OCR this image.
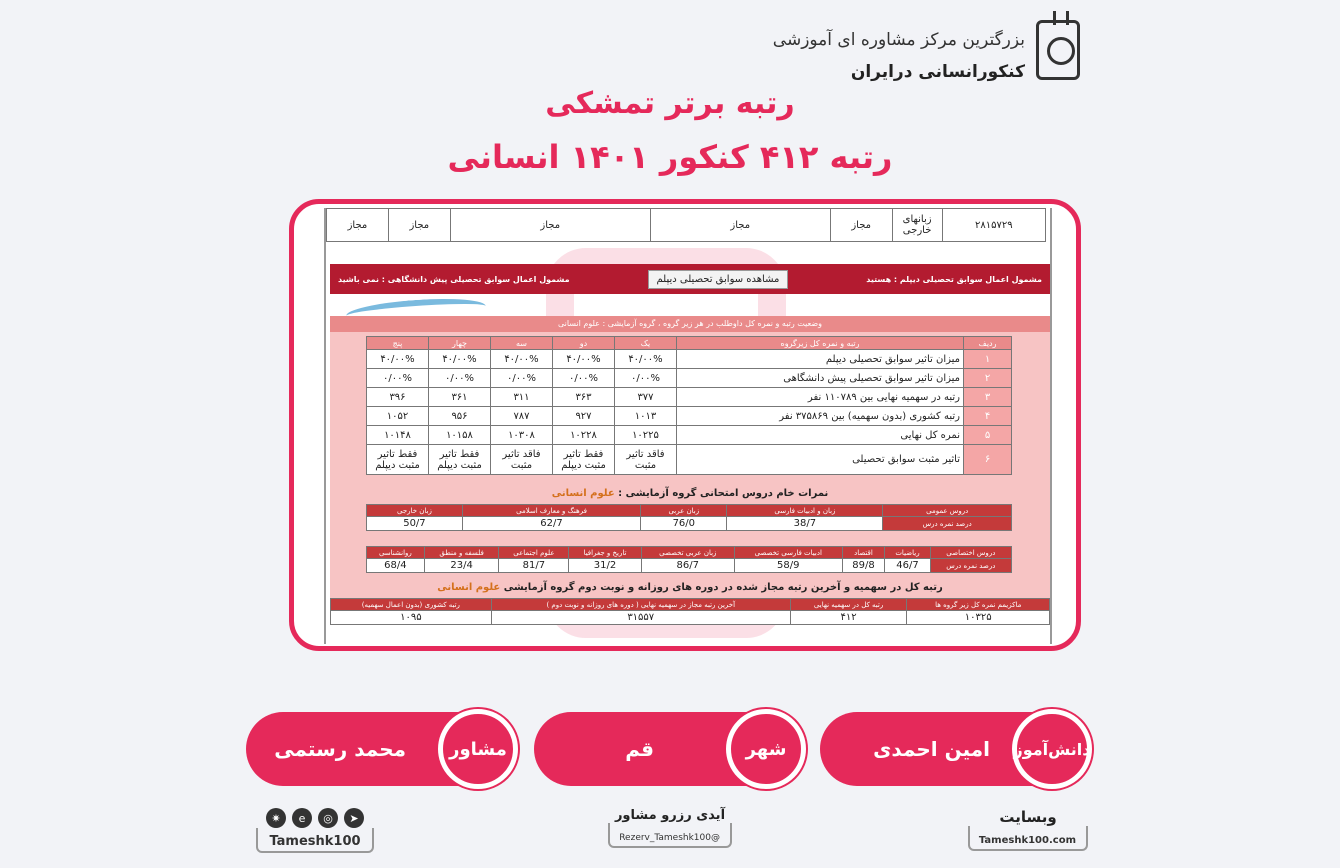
بزرگترین مرکز مشاوره ای آموزشی
کنکورانسانی درایران
رتبه برتر تمشکی
رتبه ۴۱۲ کنکور ۱۴۰۱ انسانی
۲۸۱۵۷۲۹	زبانهای خارجی	مجاز	مجاز	مجاز	مجاز	مجاز
مشمول اعمال سوابق تحصیلی دیپلم : هستید
مشاهده سوابق تحصیلی دیپلم
مشمول اعمال سوابق تحصیلی پیش دانشگاهی : نمی باشید
وضعیت رتبه و نمره کل داوطلب در هر زیر گروه ، گروه آزمایشی : علوم انسانی
ردیف	رتبه و نمره کل زیرگروه	یک	دو	سه	چهار	پنج
۱	میزان تاثیر سوابق تحصیلی دیپلم	۴۰/۰۰%	۴۰/۰۰%	۴۰/۰۰%	۴۰/۰۰%	۴۰/۰۰%
۲	میزان تاثیر سوابق تحصیلی پیش دانشگاهی	۰/۰۰%	۰/۰۰%	۰/۰۰%	۰/۰۰%	۰/۰۰%
۳	رتبه در سهمیه نهایی بین ۱۱۰۷۸۹ نفر	۳۷۷	۳۶۳	۳۱۱	۳۶۱	۳۹۶
۴	رتبه کشوری (بدون سهمیه) بین ۳۷۵۸۶۹ نفر	۱۰۱۳	۹۲۷	۷۸۷	۹۵۶	۱۰۵۲
۵	نمره کل نهایی	۱۰۲۲۵	۱۰۲۲۸	۱۰۳۰۸	۱۰۱۵۸	۱۰۱۴۸
۶	تاثیر مثبت سوابق تحصیلی	فاقد تاثیر مثبت	فقط تاثیر مثبت دیپلم	فاقد تاثیر مثبت	فقط تاثیر مثبت دیپلم	فقط تاثیر مثبت دیپلم
نمرات خام دروس امتحانی گروه آزمایشی : علوم انسانی
دروس عمومی	زبان و ادبیات فارسی	زبان عربی	فرهنگ و معارف اسلامی	زبان خارجی
درصد نمره درس	38/7	76/0	62/7	50/7
دروس اختصاصی	ریاضیات	اقتصاد	ادبیات فارسی تخصصی	زبان عربی تخصصی	تاریخ و جغرافیا	علوم اجتماعی	فلسفه و منطق	روانشناسی
درصد نمره درس	46/7	89/8	58/9	86/7	31/2	81/7	23/4	68/4
رتبه کل در سهمیه و آخرین رتبه مجاز شده در دوره های روزانه و نوبت دوم گروه آزمایشی علوم انسانی
ماکزیمم نمره کل زیر گروه ها	رتبه کل در سهمیه نهایی	آخرین رتبه مجاز در سهمیه نهایی ( دوره های روزانه و نوبت دوم )	رتبه کشوری (بدون اعمال سهمیه)
۱۰۳۲۵	۴۱۲	۳۱۵۵۷	۱۰۹۵
دانش‌آموز
امین احمدی
شهر
قم
مشاور
محمد رستمی
وبسایت
Tameshk100.com
آیدی رزرو مشاور
@Rezerv_Tameshk100
➤
◎
e
✷
Tameshk100
